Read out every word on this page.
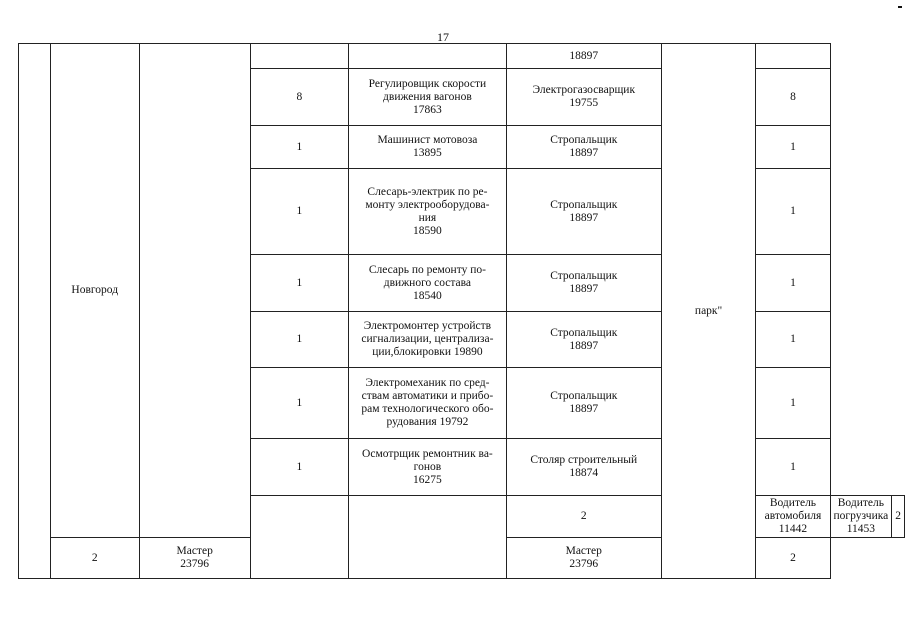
17
	Новгород				18897	парк"			
			8	Регулировщик скорости
движения вагонов
17863	Электрогазосварщик
19755		8		
			1	Машинист мотовоза
13895	Стропальщик
18897		1		
			1	Слесарь-электрик по ре-
монту электрооборудова-
ния
18590	Стропальщик
18897		1		
			1	Слесарь по ремонту по-
движного состава
18540	Стропальщик
18897		1		
			1	Электромонтер устройств
сигнализации, централиза-
ции,блокировки 19890	Стропальщик
18897		1		
			1	Электромеханик по сред-
ствам автоматики и прибо-
рам технологического обо-
рудования 19792	Стропальщик
18897		1		
			1	Осмотрщик ремонтник ва-
гонов
16275	Столяр строительный
18874		1		
					2		Водитель автомобиля
11442	Водитель погрузчика 11453	2
	2	Мастер
23796			Мастер
23796		2		
